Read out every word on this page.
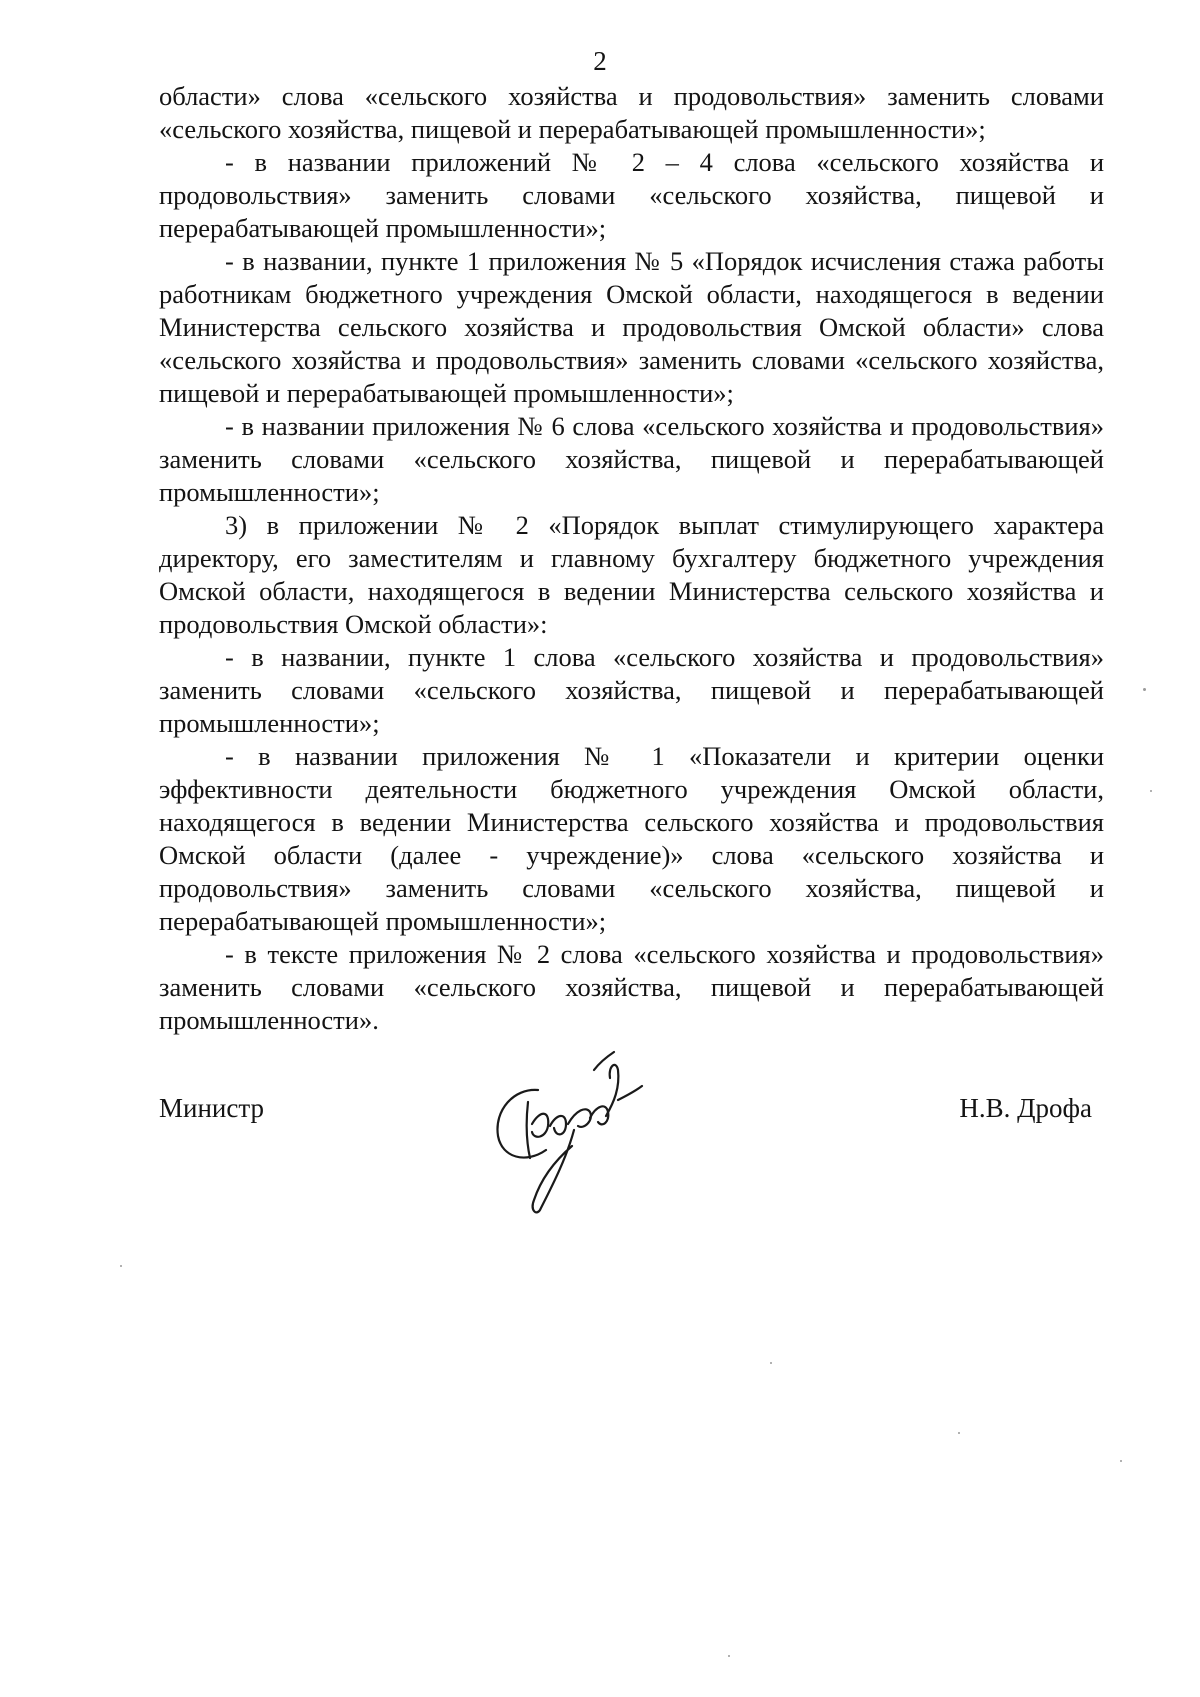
2

области» слова «сельского хозяйства и продовольствия» заменить словами «сельского хозяйства, пищевой и перерабатывающей промышленности»;

- в названии приложений № 2 – 4 слова «сельского хозяйства и продовольствия» заменить словами «сельского хозяйства, пищевой и перерабатывающей промышленности»;

- в названии, пункте 1 приложения № 5 «Порядок исчисления стажа работы работникам бюджетного учреждения Омской области, находящегося в ведении Министерства сельского хозяйства и продовольствия Омской области» слова «сельского хозяйства и продовольствия» заменить словами «сельского хозяйства, пищевой и перерабатывающей промышленности»;

- в названии приложения № 6 слова «сельского хозяйства и продовольствия» заменить словами «сельского хозяйства, пищевой и перерабатывающей промышленности»;

3) в приложении № 2 «Порядок выплат стимулирующего характера директору, его заместителям и главному бухгалтеру бюджетного учреждения Омской области, находящегося в ведении Министерства сельского хозяйства и продовольствия Омской области»:

- в названии, пункте 1 слова «сельского хозяйства и продовольствия» заменить словами «сельского хозяйства, пищевой и перерабатывающей промышленности»;

- в названии приложения № 1 «Показатели и критерии оценки эффективности деятельности бюджетного учреждения Омской области, находящегося в ведении Министерства сельского хозяйства и продовольствия Омской области (далее - учреждение)» слова «сельского хозяйства и продовольствия» заменить словами «сельского хозяйства, пищевой и перерабатывающей промышленности»;

- в тексте приложения № 2 слова «сельского хозяйства и продовольствия» заменить словами «сельского хозяйства, пищевой и перерабатывающей промышленности».

Министр	Н.В. Дрофа
